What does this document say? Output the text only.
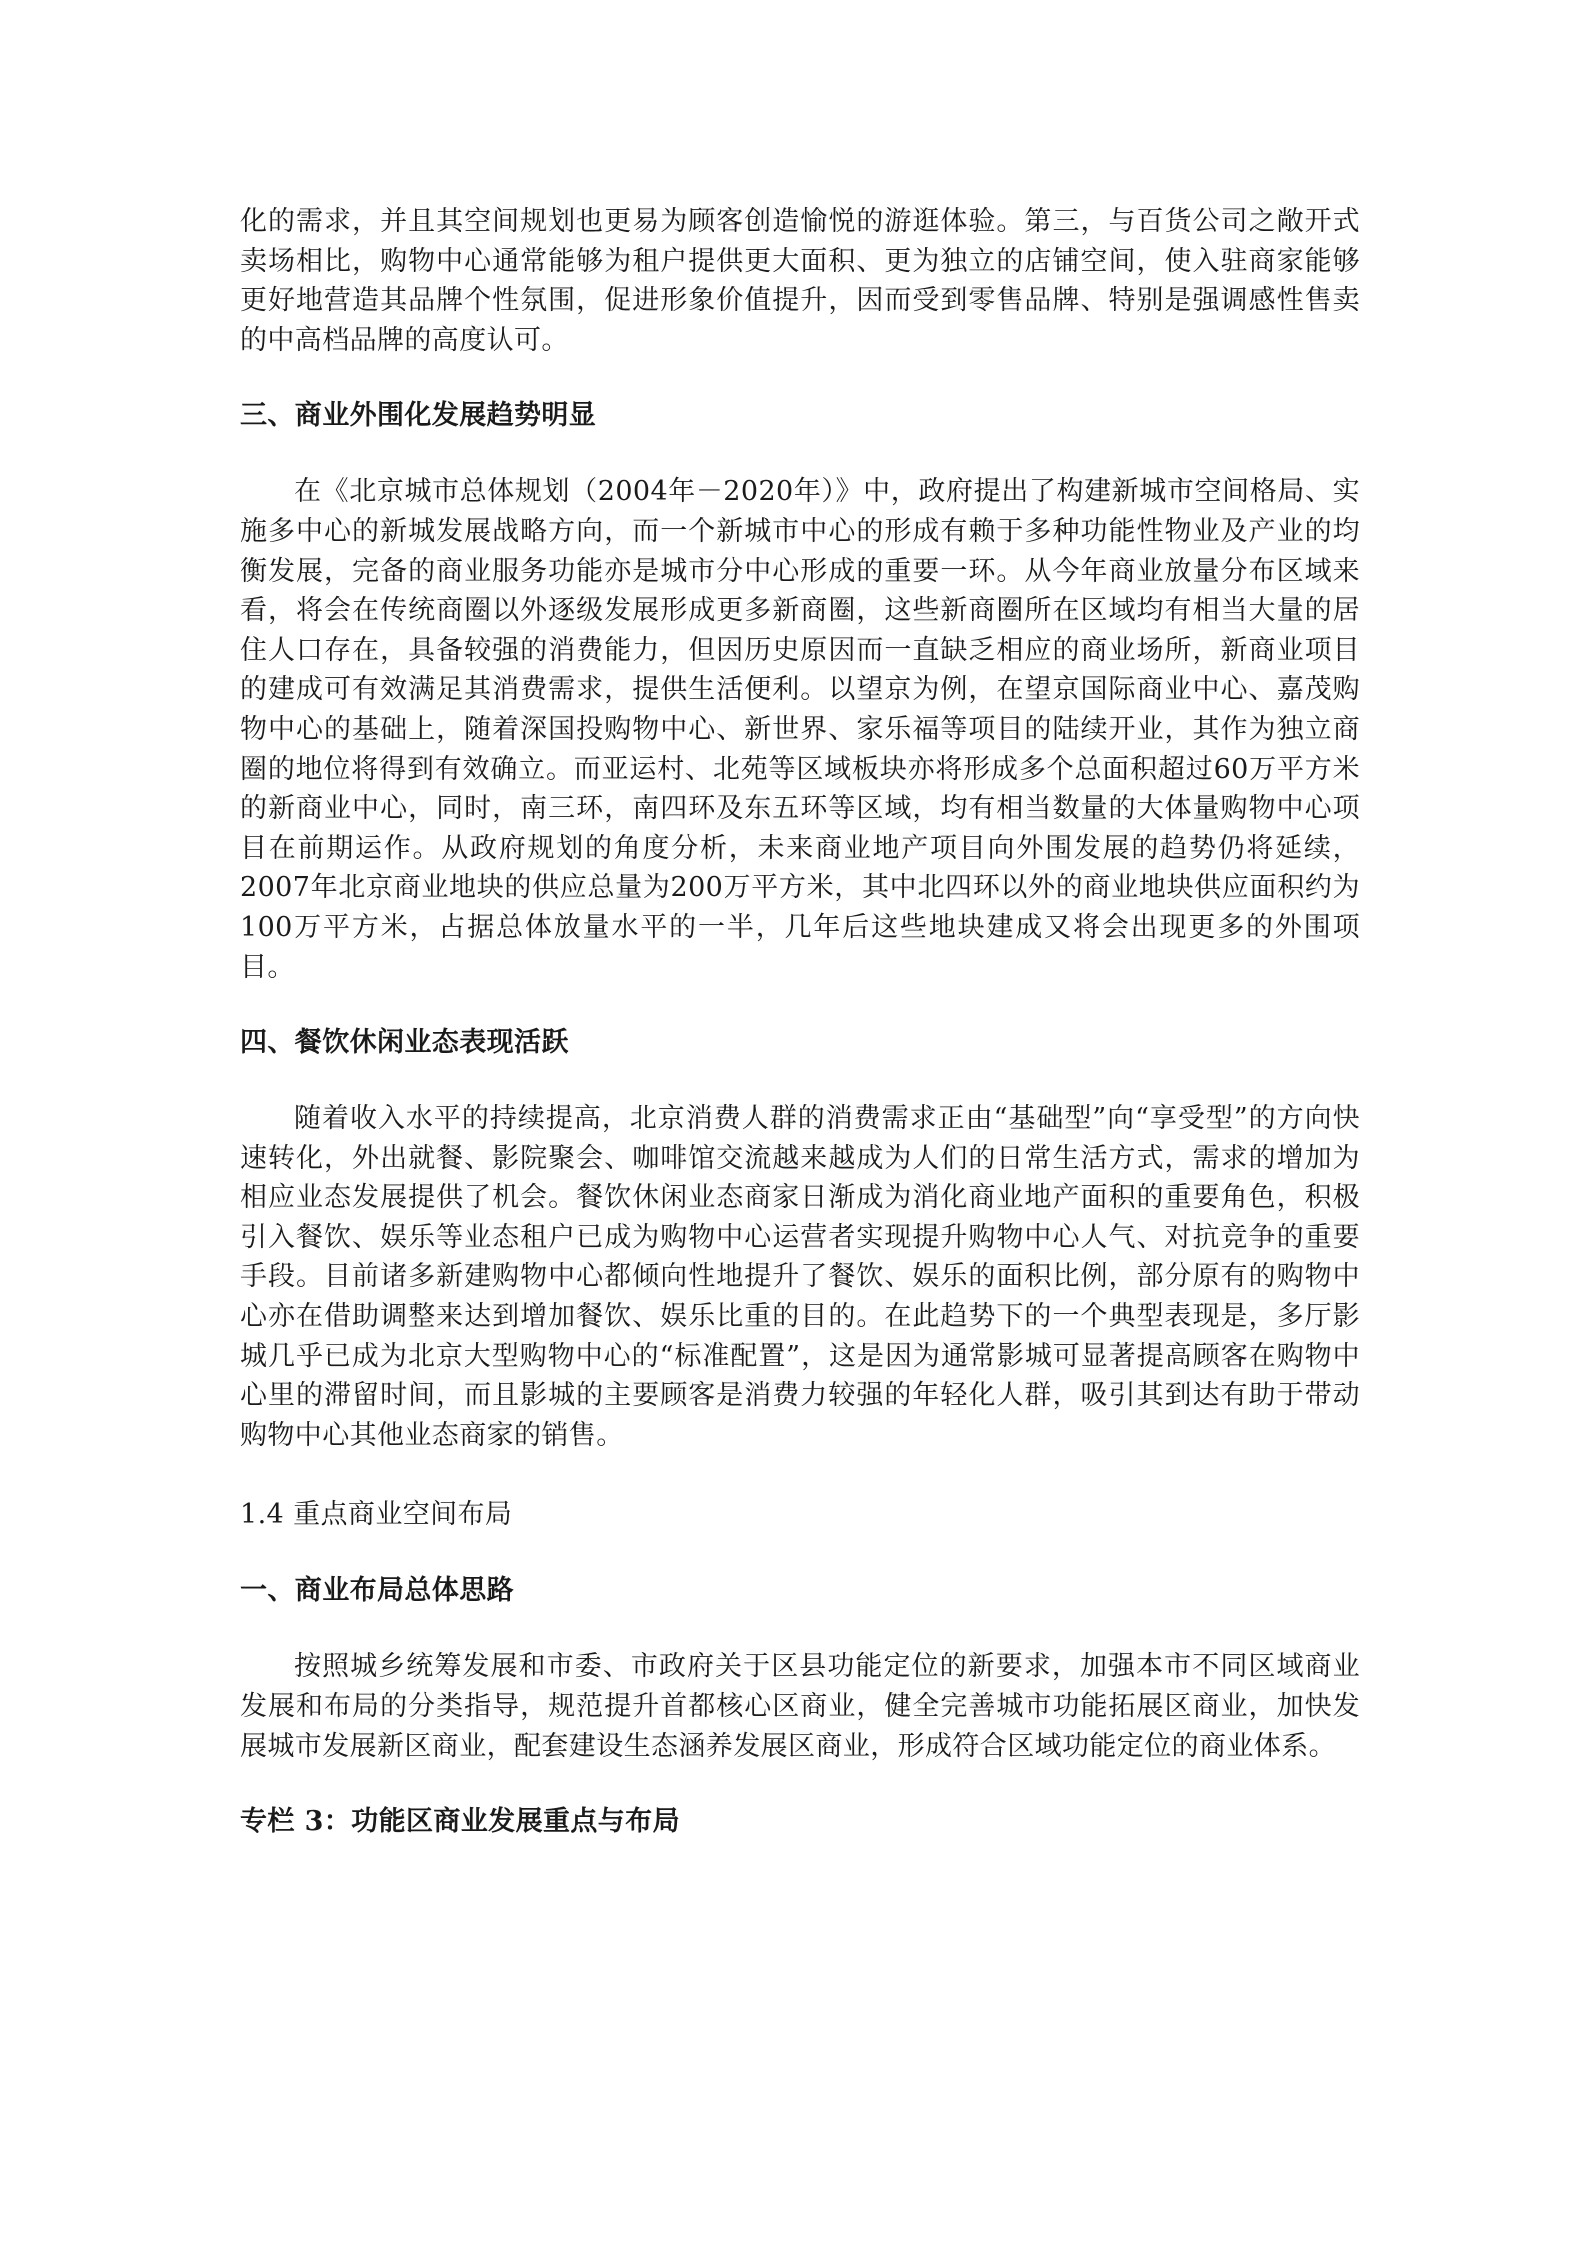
化的需求，并且其空间规划也更易为顾客创造愉悦的游逛体验。第三，与百货公司之敞开式卖场相比，购物中心通常能够为租户提供更大面积、更为独立的店铺空间，使入驻商家能够更好地营造其品牌个性氛围，促进形象价值提升，因而受到零售品牌、特别是强调感性售卖的中高档品牌的高度认可。

三、商业外围化发展趋势明显

在《北京城市总体规划（2004年－2020年）》中，政府提出了构建新城市空间格局、实施多中心的新城发展战略方向，而一个新城市中心的形成有赖于多种功能性物业及产业的均衡发展，完备的商业服务功能亦是城市分中心形成的重要一环。从今年商业放量分布区域来看，将会在传统商圈以外逐级发展形成更多新商圈，这些新商圈所在区域均有相当大量的居住人口存在，具备较强的消费能力，但因历史原因而一直缺乏相应的商业场所，新商业项目的建成可有效满足其消费需求，提供生活便利。以望京为例，在望京国际商业中心、嘉茂购物中心的基础上，随着深国投购物中心、新世界、家乐福等项目的陆续开业，其作为独立商圈的地位将得到有效确立。而亚运村、北苑等区域板块亦将形成多个总面积超过60万平方米的新商业中心，同时，南三环，南四环及东五环等区域，均有相当数量的大体量购物中心项目在前期运作。从政府规划的角度分析，未来商业地产项目向外围发展的趋势仍将延续，2007年北京商业地块的供应总量为200万平方米，其中北四环以外的商业地块供应面积约为100万平方米，占据总体放量水平的一半，几年后这些地块建成又将会出现更多的外围项目。

四、餐饮休闲业态表现活跃

随着收入水平的持续提高，北京消费人群的消费需求正由“基础型”向“享受型”的方向快速转化，外出就餐、影院聚会、咖啡馆交流越来越成为人们的日常生活方式，需求的增加为相应业态发展提供了机会。餐饮休闲业态商家日渐成为消化商业地产面积的重要角色，积极引入餐饮、娱乐等业态租户已成为购物中心运营者实现提升购物中心人气、对抗竞争的重要手段。目前诸多新建购物中心都倾向性地提升了餐饮、娱乐的面积比例，部分原有的购物中心亦在借助调整来达到增加餐饮、娱乐比重的目的。在此趋势下的一个典型表现是，多厅影城几乎已成为北京大型购物中心的“标准配置”，这是因为通常影城可显著提高顾客在购物中心里的滞留时间，而且影城的主要顾客是消费力较强的年轻化人群，吸引其到达有助于带动购物中心其他业态商家的销售。

1.4 重点商业空间布局
一、商业布局总体思路

按照城乡统筹发展和市委、市政府关于区县功能定位的新要求，加强本市不同区域商业发展和布局的分类指导，规范提升首都核心区商业，健全完善城市功能拓展区商业，加快发展城市发展新区商业，配套建设生态涵养发展区商业，形成符合区域功能定位的商业体系。

专栏 3：功能区商业发展重点与布局
